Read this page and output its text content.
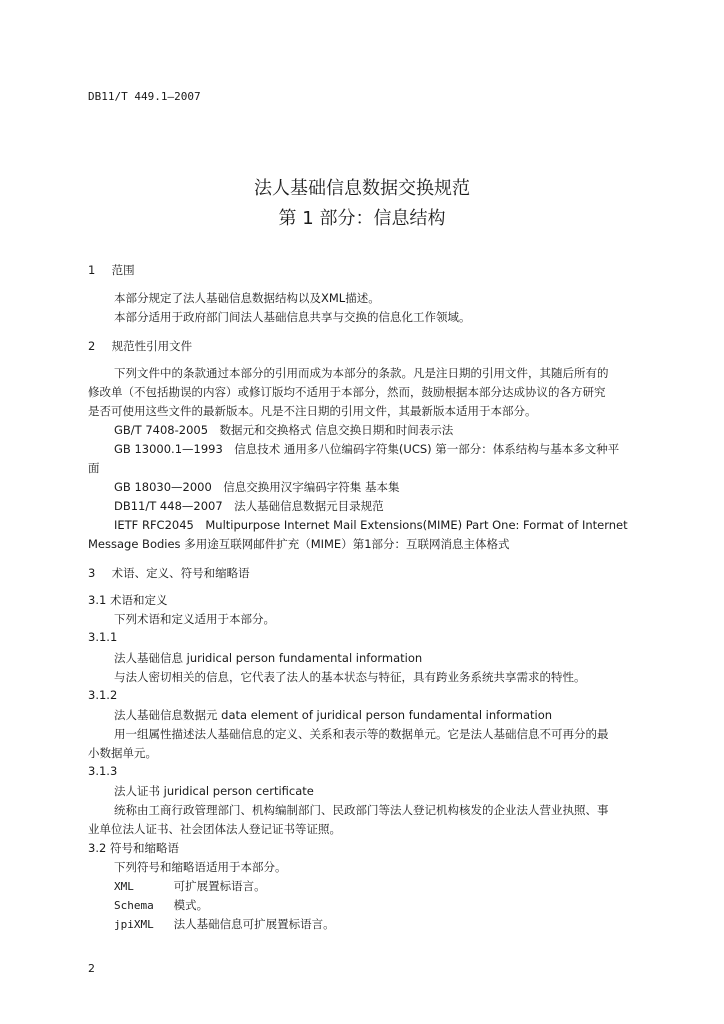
DB11/T 449.1—2007
法人基础信息数据交换规范
第 1 部分：信息结构
1 范围
本部分规定了法人基础信息数据结构以及XML描述。
本部分适用于政府部门间法人基础信息共享与交换的信息化工作领域。
2 规范性引用文件
下列文件中的条款通过本部分的引用而成为本部分的条款。凡是注日期的引用文件，其随后所有的
修改单（不包括勘误的内容）或修订版均不适用于本部分，然而，鼓励根据本部分达成协议的各方研究
是否可使用这些文件的最新版本。凡是不注日期的引用文件，其最新版本适用于本部分。
GB/T 7408-2005　数据元和交换格式 信息交换日期和时间表示法
GB 13000.1—1993　信息技术 通用多八位编码字符集(UCS) 第一部分：体系结构与基本多文种平
面
GB 18030—2000　信息交换用汉字编码字符集 基本集
DB11/T 448—2007　法人基础信息数据元目录规范
IETF RFC2045　Multipurpose Internet Mail Extensions(MIME) Part One: Format of Internet
Message Bodies 多用途互联网邮件扩充（MIME）第1部分：互联网消息主体格式
3 术语、定义、符号和缩略语
3.1 术语和定义
下列术语和定义适用于本部分。
3.1.1
法人基础信息 juridical person fundamental information
与法人密切相关的信息，它代表了法人的基本状态与特征，具有跨业务系统共享需求的特性。
3.1.2
法人基础信息数据元 data element of juridical person fundamental information
用一组属性描述法人基础信息的定义、关系和表示等的数据单元。它是法人基础信息不可再分的最
小数据单元。
3.1.3
法人证书 juridical person certificate
统称由工商行政管理部门、机构编制部门、民政部门等法人登记机构核发的企业法人营业执照、事
业单位法人证书、社会团体法人登记证书等证照。
3.2 符号和缩略语
下列符号和缩略语适用于本部分。
XML	可扩展置标语言。
Schema 模式。
jpiXML 法人基础信息可扩展置标语言。
2
